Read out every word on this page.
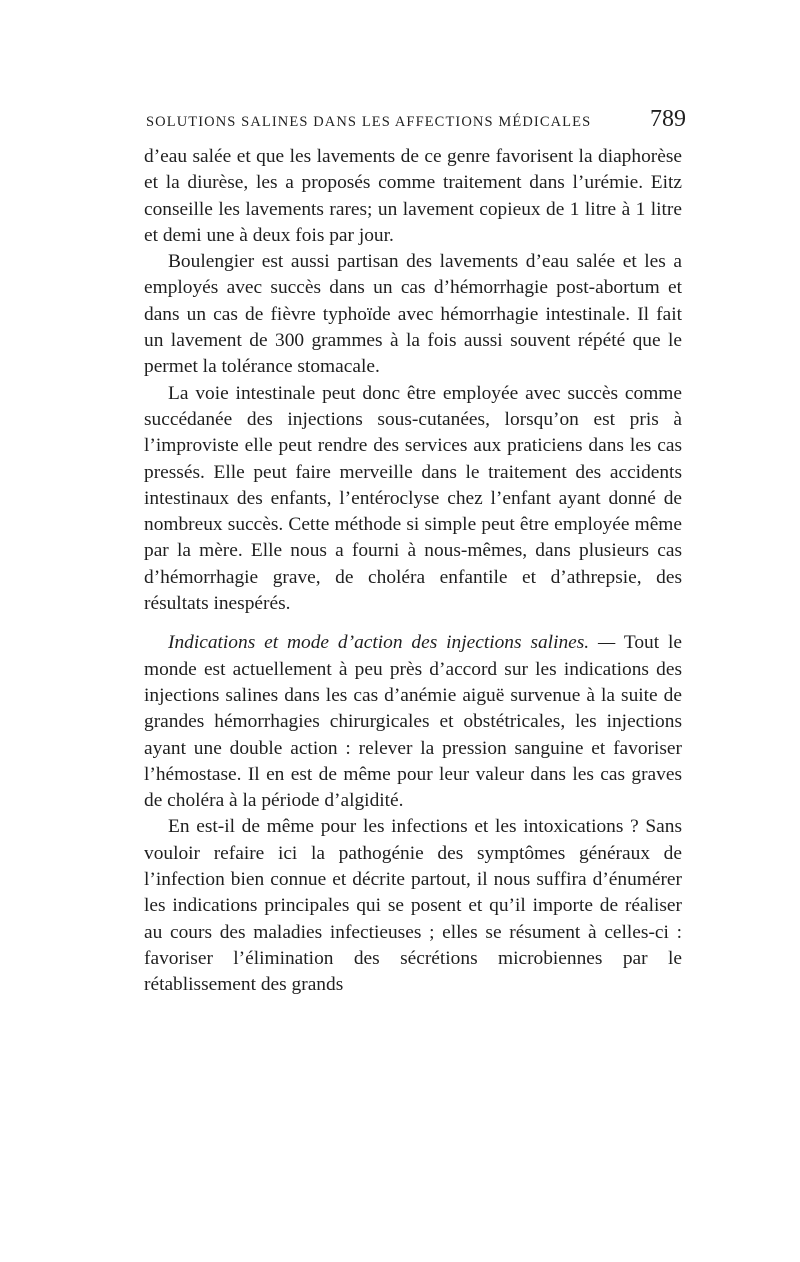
SOLUTIONS SALINES DANS LES AFFECTIONS MÉDICALES 789

d’eau salée et que les lavements de ce genre favorisent la diaphorèse et la diurèse, les a proposés comme traitement dans l’urémie. Eitz conseille les lavements rares; un lavement copieux de 1 litre à 1 litre et demi une à deux fois par jour.

Boulengier est aussi partisan des lavements d’eau salée et les a employés avec succès dans un cas d’hémorrhagie post-abortum et dans un cas de fièvre typhoïde avec hémorrhagie intestinale. Il fait un lavement de 300 grammes à la fois aussi souvent répété que le permet la tolérance stomacale.

La voie intestinale peut donc être employée avec succès comme succédanée des injections sous-cutanées, lorsqu’on est pris à l’improviste elle peut rendre des services aux praticiens dans les cas pressés. Elle peut faire merveille dans le traitement des accidents intestinaux des enfants, l’entéroclyse chez l’enfant ayant donné de nombreux succès. Cette méthode si simple peut être employée même par la mère. Elle nous a fourni à nous-mêmes, dans plusieurs cas d’hémorrhagie grave, de choléra enfantile et d’athrepsie, des résultats inespérés.

Indications et mode d’action des injections salines. — Tout le monde est actuellement à peu près d’accord sur les indications des injections salines dans les cas d’anémie aiguë survenue à la suite de grandes hémorrhagies chirurgicales et obstétricales, les injections ayant une double action : relever la pression sanguine et favoriser l’hémostase. Il en est de même pour leur valeur dans les cas graves de choléra à la période d’algidité.

En est-il de même pour les infections et les intoxications ? Sans vouloir refaire ici la pathogénie des symptômes généraux de l’infection bien connue et décrite partout, il nous suffira d’énumérer les indications principales qui se posent et qu’il importe de réaliser au cours des maladies infectieuses ; elles se résument à celles-ci : favoriser l’élimination des sécrétions microbiennes par le rétablissement des grands
